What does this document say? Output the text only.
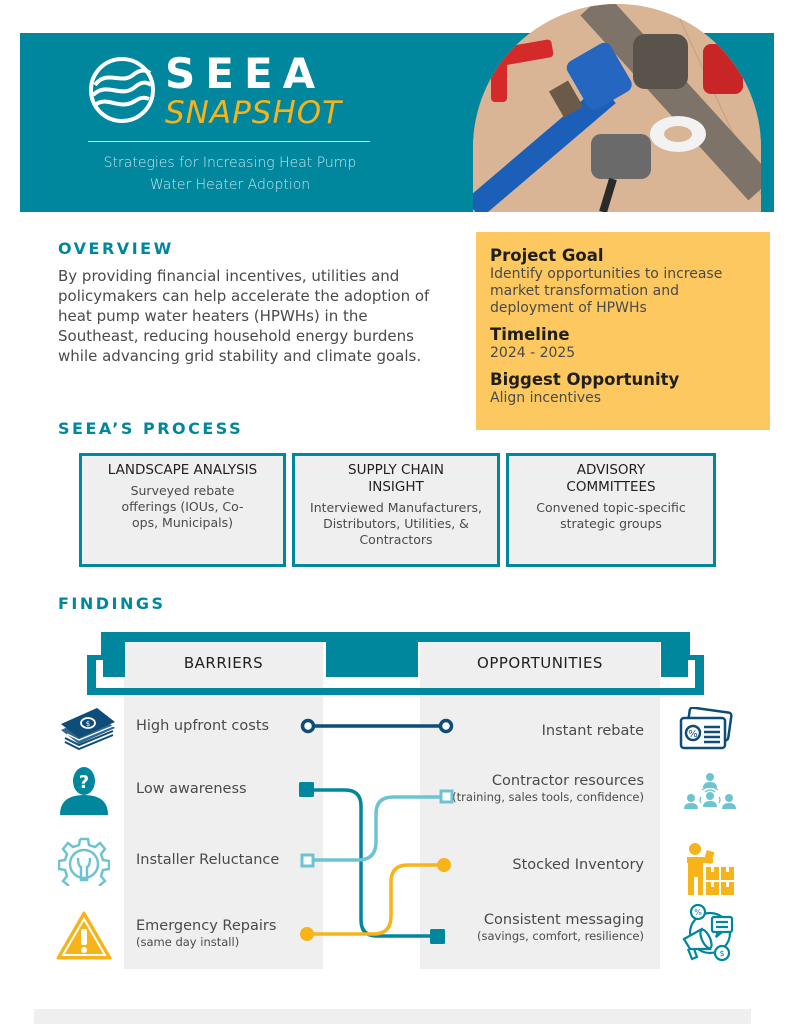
SEEA
SNAPSHOT
Strategies for Increasing Heat Pump
Water Heater Adoption
OVERVIEW
By providing financial incentives, utilities and policymakers can help accelerate the adoption of heat pump water heaters (HPWHs) in the Southeast, reducing household energy burdens while advancing grid stability and climate goals.
Project Goal
Identify opportunities to increase market transformation and deployment of HPWHs
Timeline
2024 - 2025
Biggest Opportunity
Align incentives
SEEA’S PROCESS
LANDSCAPE ANALYSIS
Surveyed rebate offerings (IOUs, Co-ops, Municipals)
SUPPLY CHAIN INSIGHT
Interviewed Manufacturers, Distributors, Utilities, & Contractors
ADVISORY COMMITTEES
Convened topic-specific strategic groups
FINDINGS
BARRIERS	OPPORTUNITIES
High upfront costs
Low awareness
Installer Reluctance
Emergency Repairs
(same day install)
Instant rebate
Contractor resources
(training, sales tools, confidence)
Stocked Inventory
Consistent messaging
(savings, comfort, resilience)
$
?
%
%
$
